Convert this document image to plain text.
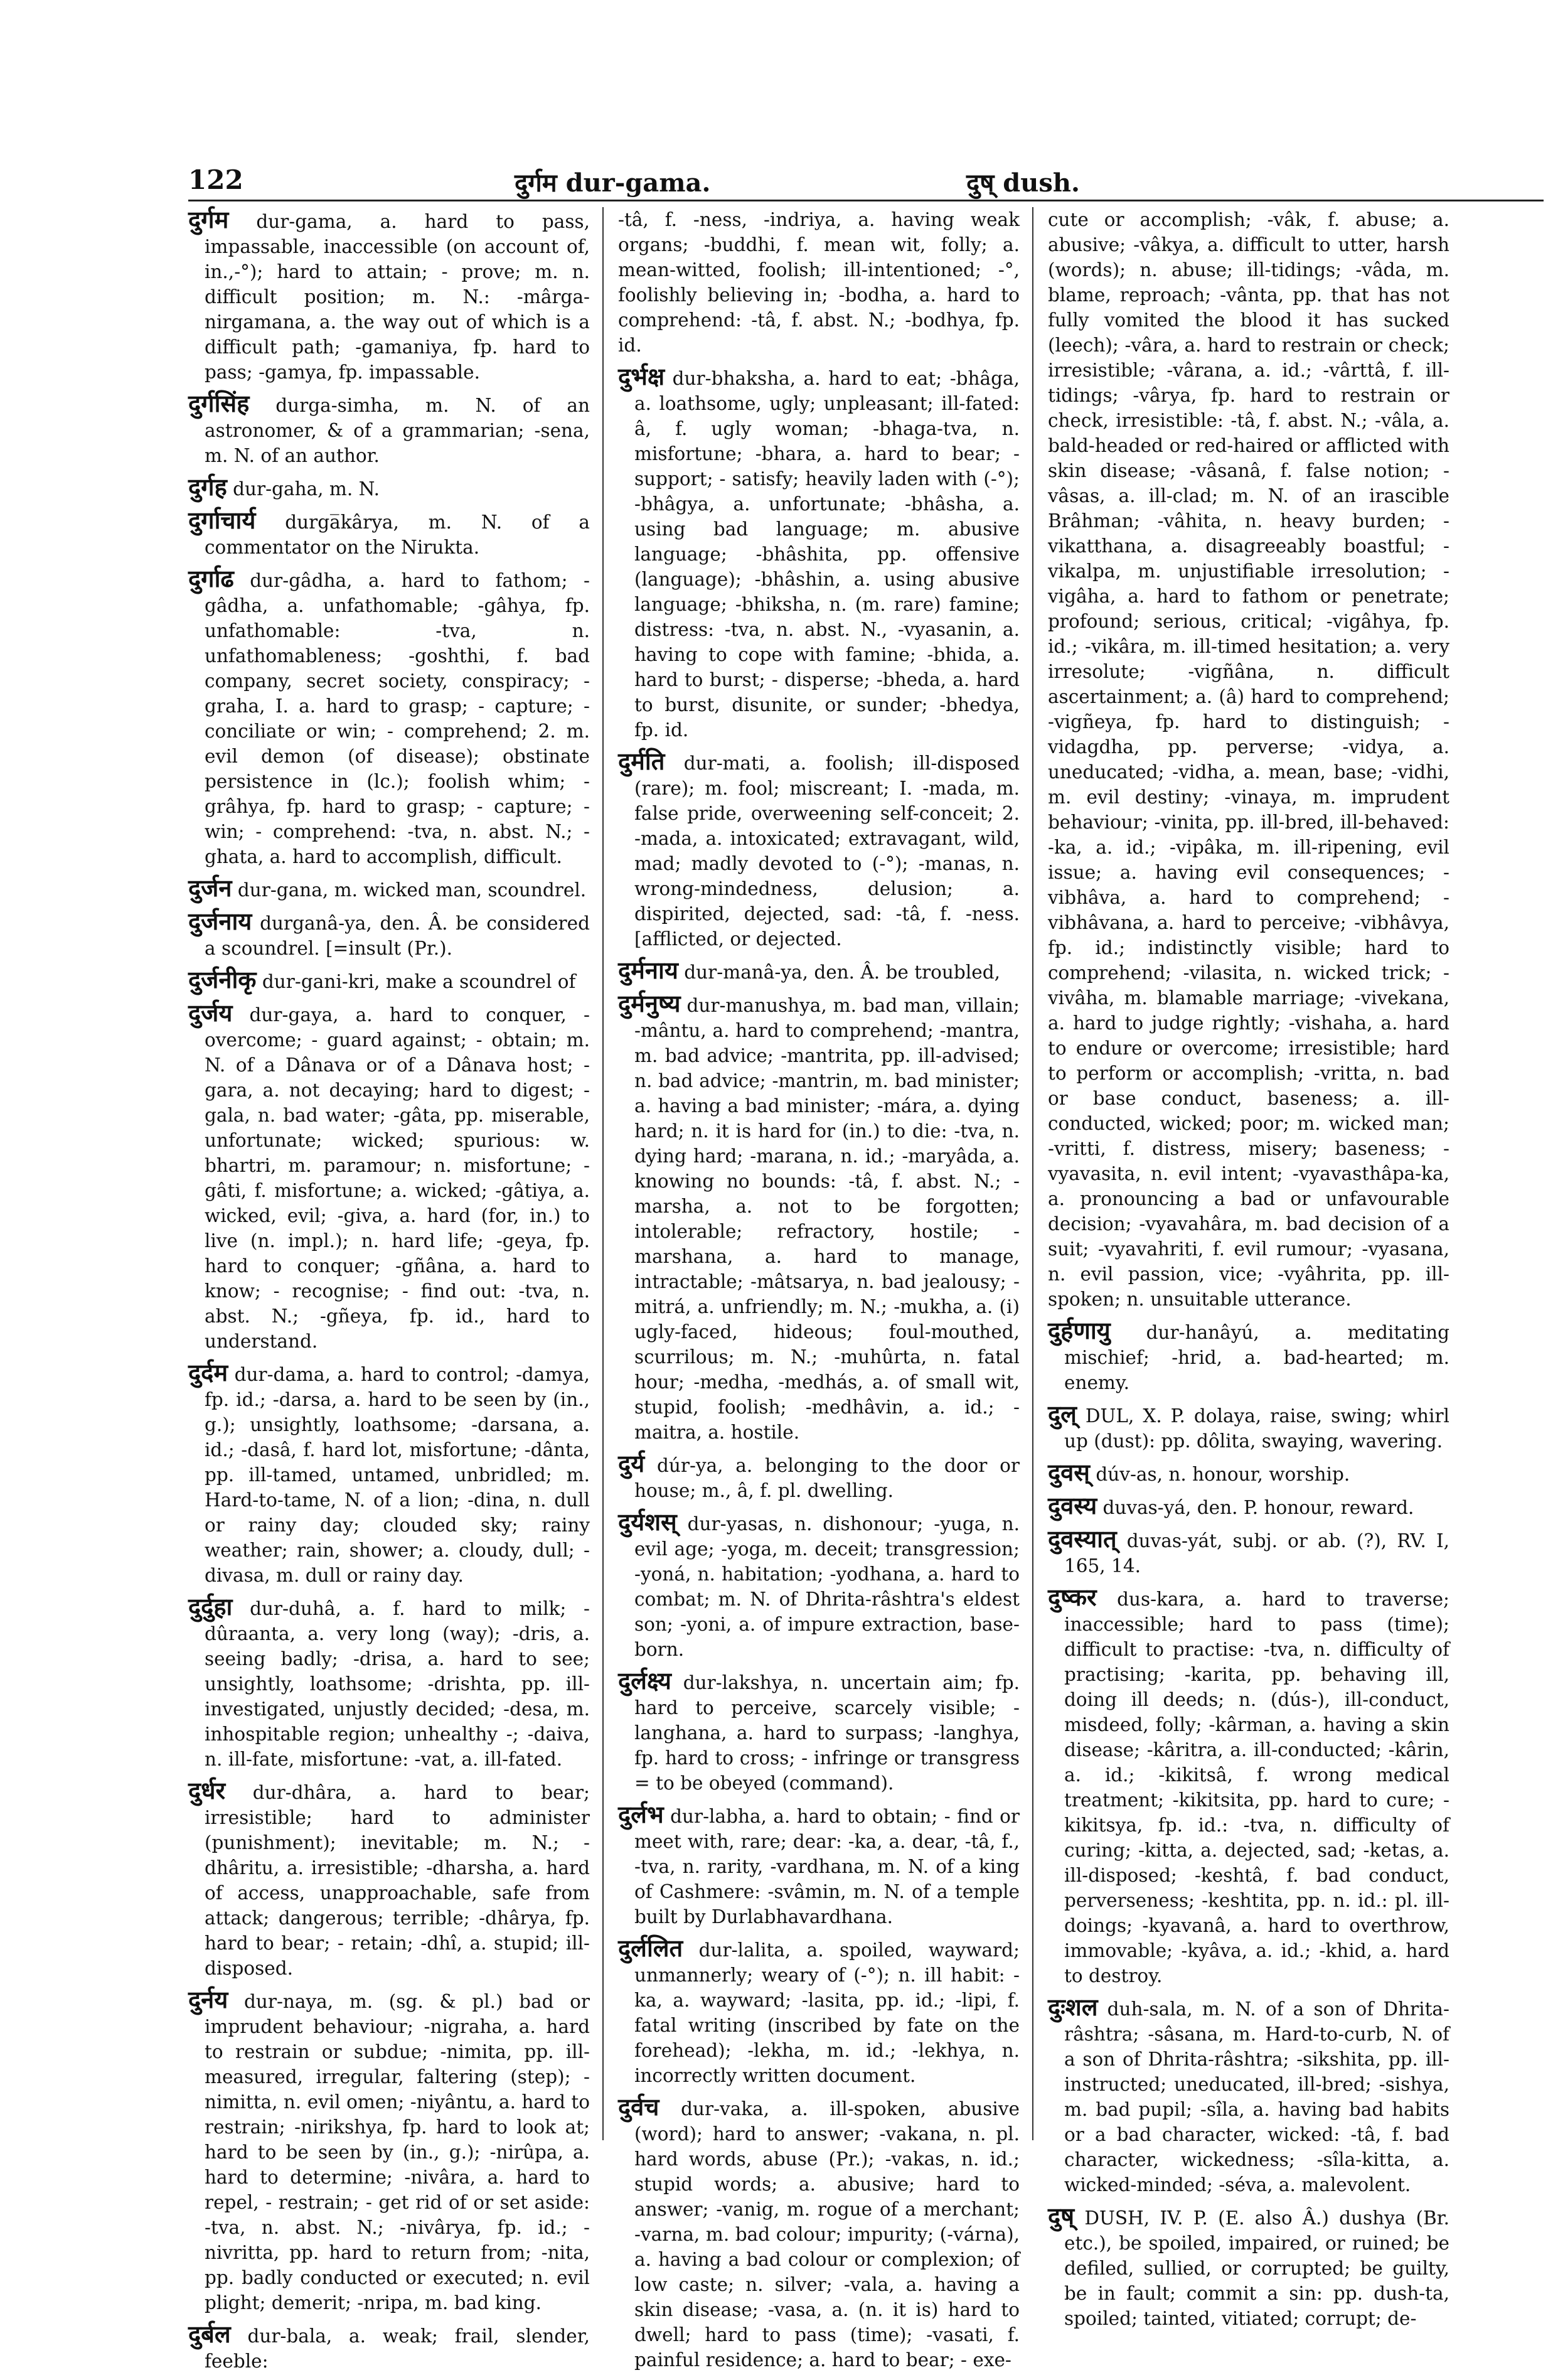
122	दुर्गम dur-gama.	दुष् dush.
दुर्गम dur-gama, a. hard to pass, impassable, inaccessible (on account of, in.,-°); hard to attain; - prove; m. n. difficult position; m. N.: -mârga-nirgamana, a. the way out of which is a difficult path; -gamaniya, fp. hard to pass; -gamya, fp. impassable.
दुर्गसिंह durga-simha, m. N. of an astronomer, & of a grammarian; -sena, m. N. of an author.
दुर्गह dur-gaha, m. N.
दुर्गाचार्य durga̅kârya, m. N. of a commentator on the Nirukta.
दुर्गाढ dur-gâdha, a. hard to fathom; -gâdha, a. unfathomable; -gâhya, fp. unfathomable: -tva, n. unfathomableness; -goshthi, f. bad company, secret society, conspiracy; -graha, I. a. hard to grasp; - capture; - conciliate or win; - comprehend; 2. m. evil demon (of disease); obstinate persistence in (lc.); foolish whim; -grâhya, fp. hard to grasp; - capture; - win; - comprehend: -tva, n. abst. N.; -ghata, a. hard to accomplish, difficult.
दुर्जन dur-gana, m. wicked man, scoundrel.
दुर्जनाय durganâ-ya, den. Â. be considered a scoundrel. [=insult (Pr.).
दुर्जनीकृ dur-gani-kri, make a scoundrel of
दुर्जय dur-gaya, a. hard to conquer, - overcome; - guard against; - obtain; m. N. of a Dânava or of a Dânava host; -gara, a. not decaying; hard to digest; -gala, n. bad water; -gâta, pp. miserable, unfortunate; wicked; spurious: w. bhartri, m. paramour; n. misfortune; -gâti, f. misfortune; a. wicked; -gâtiya, a. wicked, evil; -giva, a. hard (for, in.) to live (n. impl.); n. hard life; -geya, fp. hard to conquer; -gñâna, a. hard to know; - recognise; - find out: -tva, n. abst. N.; -gñeya, fp. id., hard to understand.
दुर्दम dur-dama, a. hard to control; -damya, fp. id.; -darsa, a. hard to be seen by (in., g.); unsightly, loathsome; -darsana, a. id.; -dasâ, f. hard lot, misfortune; -dânta, pp. ill-tamed, untamed, unbridled; m. Hard-to-tame, N. of a lion; -dina, n. dull or rainy day; clouded sky; rainy weather; rain, shower; a. cloudy, dull; -divasa, m. dull or rainy day.
दुर्दुहा dur-duhâ, a. f. hard to milk; -dûraanta, a. very long (way); -dris, a. seeing badly; -drisa, a. hard to see; unsightly, loathsome; -drishta, pp. ill-investigated, unjustly decided; -desa, m. inhospitable region; unhealthy -; -daiva, n. ill-fate, misfortune: -vat, a. ill-fated.
दुर्धर dur-dhâra, a. hard to bear; irresistible; hard to administer (punishment); inevitable; m. N.; -dhâritu, a. irresistible; -dharsha, a. hard of access, unapproachable, safe from attack; dangerous; terrible; -dhârya, fp. hard to bear; - retain; -dhî, a. stupid; ill-disposed.
दुर्नय dur-naya, m. (sg. & pl.) bad or imprudent behaviour; -nigraha, a. hard to restrain or subdue; -nimita, pp. ill-measured, irregular, faltering (step); -nimitta, n. evil omen; -niyântu, a. hard to restrain; -nirikshya, fp. hard to look at; hard to be seen by (in., g.); -nirûpa, a. hard to determine; -nivâra, a. hard to repel, - restrain; - get rid of or set aside: -tva, n. abst. N.; -nivârya, fp. id.; -nivritta, pp. hard to return from; -nita, pp. badly conducted or executed; n. evil plight; demerit; -nripa, m. bad king.
दुर्बल dur-bala, a. weak; frail, slender, feeble:
-tâ, f. -ness, -indriya, a. having weak organs; -buddhi, f. mean wit, folly; a. mean-witted, foolish; ill-intentioned; -°, foolishly believing in; -bodha, a. hard to comprehend: -tâ, f. abst. N.; -bodhya, fp. id.
दुर्भक्ष dur-bhaksha, a. hard to eat; -bhâga, a. loathsome, ugly; unpleasant; ill-fated: â, f. ugly woman; -bhaga-tva, n. misfortune; -bhara, a. hard to bear; - support; - satisfy; heavily laden with (-°); -bhâgya, a. unfortunate; -bhâsha, a. using bad language; m. abusive language; -bhâshita, pp. offensive (language); -bhâshin, a. using abusive language; -bhiksha, n. (m. rare) famine; distress: -tva, n. abst. N., -vyasanin, a. having to cope with famine; -bhida, a. hard to burst; - disperse; -bheda, a. hard to burst, disunite, or sunder; -bhedya, fp. id.
दुर्मति dur-mati, a. foolish; ill-disposed (rare); m. fool; miscreant; I. -mada, m. false pride, overweening self-conceit; 2. -mada, a. intoxicated; extravagant, wild, mad; madly devoted to (-°); -manas, n. wrong-mindedness, delusion; a. dispirited, dejected, sad: -tâ, f. -ness. [afflicted, or dejected.
दुर्मनाय dur-manâ-ya, den. Â. be troubled,
दुर्मनुष्य dur-manushya, m. bad man, villain; -mântu, a. hard to comprehend; -mantra, m. bad advice; -mantrita, pp. ill-advised; n. bad advice; -mantrin, m. bad minister; a. having a bad minister; -mára, a. dying hard; n. it is hard for (in.) to die: -tva, n. dying hard; -marana, n. id.; -maryâda, a. knowing no bounds: -tâ, f. abst. N.; -marsha, a. not to be forgotten; intolerable; refractory, hostile; -marshana, a. hard to manage, intractable; -mâtsarya, n. bad jealousy; -mitrá, a. unfriendly; m. N.; -mukha, a. (i) ugly-faced, hideous; foul-mouthed, scurrilous; m. N.; -muhûrta, n. fatal hour; -medha, -medhás, a. of small wit, stupid, foolish; -medhâvin, a. id.; -maitra, a. hostile.
दुर्य dúr-ya, a. belonging to the door or house; m., â, f. pl. dwelling.
दुर्यशस् dur-yasas, n. dishonour; -yuga, n. evil age; -yoga, m. deceit; transgression; -yoná, n. habitation; -yodhana, a. hard to combat; m. N. of Dhrita-râshtra's eldest son; -yoni, a. of impure extraction, base-born.
दुर्लक्ष्य dur-lakshya, n. uncertain aim; fp. hard to perceive, scarcely visible; -langhana, a. hard to surpass; -langhya, fp. hard to cross; - infringe or transgress = to be obeyed (command).
दुर्लभ dur-labha, a. hard to obtain; - find or meet with, rare; dear: -ka, a. dear, -tâ, f., -tva, n. rarity, -vardhana, m. N. of a king of Cashmere: -svâmin, m. N. of a temple built by Durlabhavardhana.
दुर्ललित dur-lalita, a. spoiled, wayward; unmannerly; weary of (-°); n. ill habit: -ka, a. wayward; -lasita, pp. id.; -lipi, f. fatal writing (inscribed by fate on the forehead); -lekha, m. id.; -lekhya, n. incorrectly written document.
दुर्वच dur-vaka, a. ill-spoken, abusive (word); hard to answer; -vakana, n. pl. hard words, abuse (Pr.); -vakas, n. id.; stupid words; a. abusive; hard to answer; -vanig, m. rogue of a merchant; -varna, m. bad colour; impurity; (-várna), a. having a bad colour or complexion; of low caste; n. silver; -vala, a. having a skin disease; -vasa, a. (n. it is) hard to dwell; hard to pass (time); -vasati, f. painful residence; a. hard to bear; - exe-
cute or accomplish; -vâk, f. abuse; a. abusive; -vâkya, a. difficult to utter, harsh (words); n. abuse; ill-tidings; -vâda, m. blame, reproach; -vânta, pp. that has not fully vomited the blood it has sucked (leech); -vâra, a. hard to restrain or check; irresistible; -vârana, a. id.; -vârttâ, f. ill-tidings; -vârya, fp. hard to restrain or check, irresistible: -tâ, f. abst. N.; -vâla, a. bald-headed or red-haired or afflicted with skin disease; -vâsanâ, f. false notion; -vâsas, a. ill-clad; m. N. of an irascible Brâhman; -vâhita, n. heavy burden; -vikatthana, a. disagreeably boastful; -vikalpa, m. unjustifiable irresolution; -vigâha, a. hard to fathom or penetrate; profound; serious, critical; -vigâhya, fp. id.; -vikâra, m. ill-timed hesitation; a. very irresolute; -vigñâna, n. difficult ascertainment; a. (â) hard to comprehend; -vigñeya, fp. hard to distinguish; -vidagdha, pp. perverse; -vidya, a. uneducated; -vidha, a. mean, base; -vidhi, m. evil destiny; -vinaya, m. imprudent behaviour; -vinita, pp. ill-bred, ill-behaved: -ka, a. id.; -vipâka, m. ill-ripening, evil issue; a. having evil consequences; -vibhâva, a. hard to comprehend; -vibhâvana, a. hard to perceive; -vibhâvya, fp. id.; indistinctly visible; hard to comprehend; -vilasita, n. wicked trick; -vivâha, m. blamable marriage; -vivekana, a. hard to judge rightly; -vishaha, a. hard to endure or overcome; irresistible; hard to perform or accomplish; -vritta, n. bad or base conduct, baseness; a. ill-conducted, wicked; poor; m. wicked man; -vritti, f. distress, misery; baseness; -vyavasita, n. evil intent; -vyavasthâpa-ka, a. pronouncing a bad or unfavourable decision; -vyavahâra, m. bad decision of a suit; -vyavahriti, f. evil rumour; -vyasana, n. evil passion, vice; -vyâhrita, pp. ill-spoken; n. unsuitable utterance.
दुर्हणायु dur-hanâyú, a. meditating mischief; -hrid, a. bad-hearted; m. enemy.
दुल् DUL, X. P. dolaya, raise, swing; whirl up (dust): pp. dôlita, swaying, wavering.
दुवस् dúv-as, n. honour, worship.
दुवस्य duvas-yá, den. P. honour, reward.
दुवस्यात् duvas-yát, subj. or ab. (?), RV. I, 165, 14.
दुष्कर dus-kara, a. hard to traverse; inaccessible; hard to pass (time); difficult to practise: -tva, n. difficulty of practising; -karita, pp. behaving ill, doing ill deeds; n. (dús-), ill-conduct, misdeed, folly; -kârman, a. having a skin disease; -kâritra, a. ill-conducted; -kârin, a. id.; -kikitsâ, f. wrong medical treatment; -kikitsita, pp. hard to cure; -kikitsya, fp. id.: -tva, n. difficulty of curing; -kitta, a. dejected, sad; -ketas, a. ill-disposed; -keshtâ, f. bad conduct, perverseness; -keshtita, pp. n. id.: pl. ill-doings; -kyavanâ, a. hard to overthrow, immovable; -kyâva, a. id.; -khid, a. hard to destroy.
दुःशल duh-sala, m. N. of a son of Dhrita-râshtra; -sâsana, m. Hard-to-curb, N. of a son of Dhrita-râshtra; -sikshita, pp. ill-instructed; uneducated, ill-bred; -sishya, m. bad pupil; -sîla, a. having bad habits or a bad character, wicked: -tâ, f. bad character, wickedness; -sîla-kitta, a. wicked-minded; -séva, a. malevolent.
दुष् DUSH, IV. P. (E. also Â.) dushya (Br. etc.), be spoiled, impaired, or ruined; be defiled, sullied, or corrupted; be guilty, be in fault; commit a sin: pp. dush-ta, spoiled; tainted, vitiated; corrupt; de-
